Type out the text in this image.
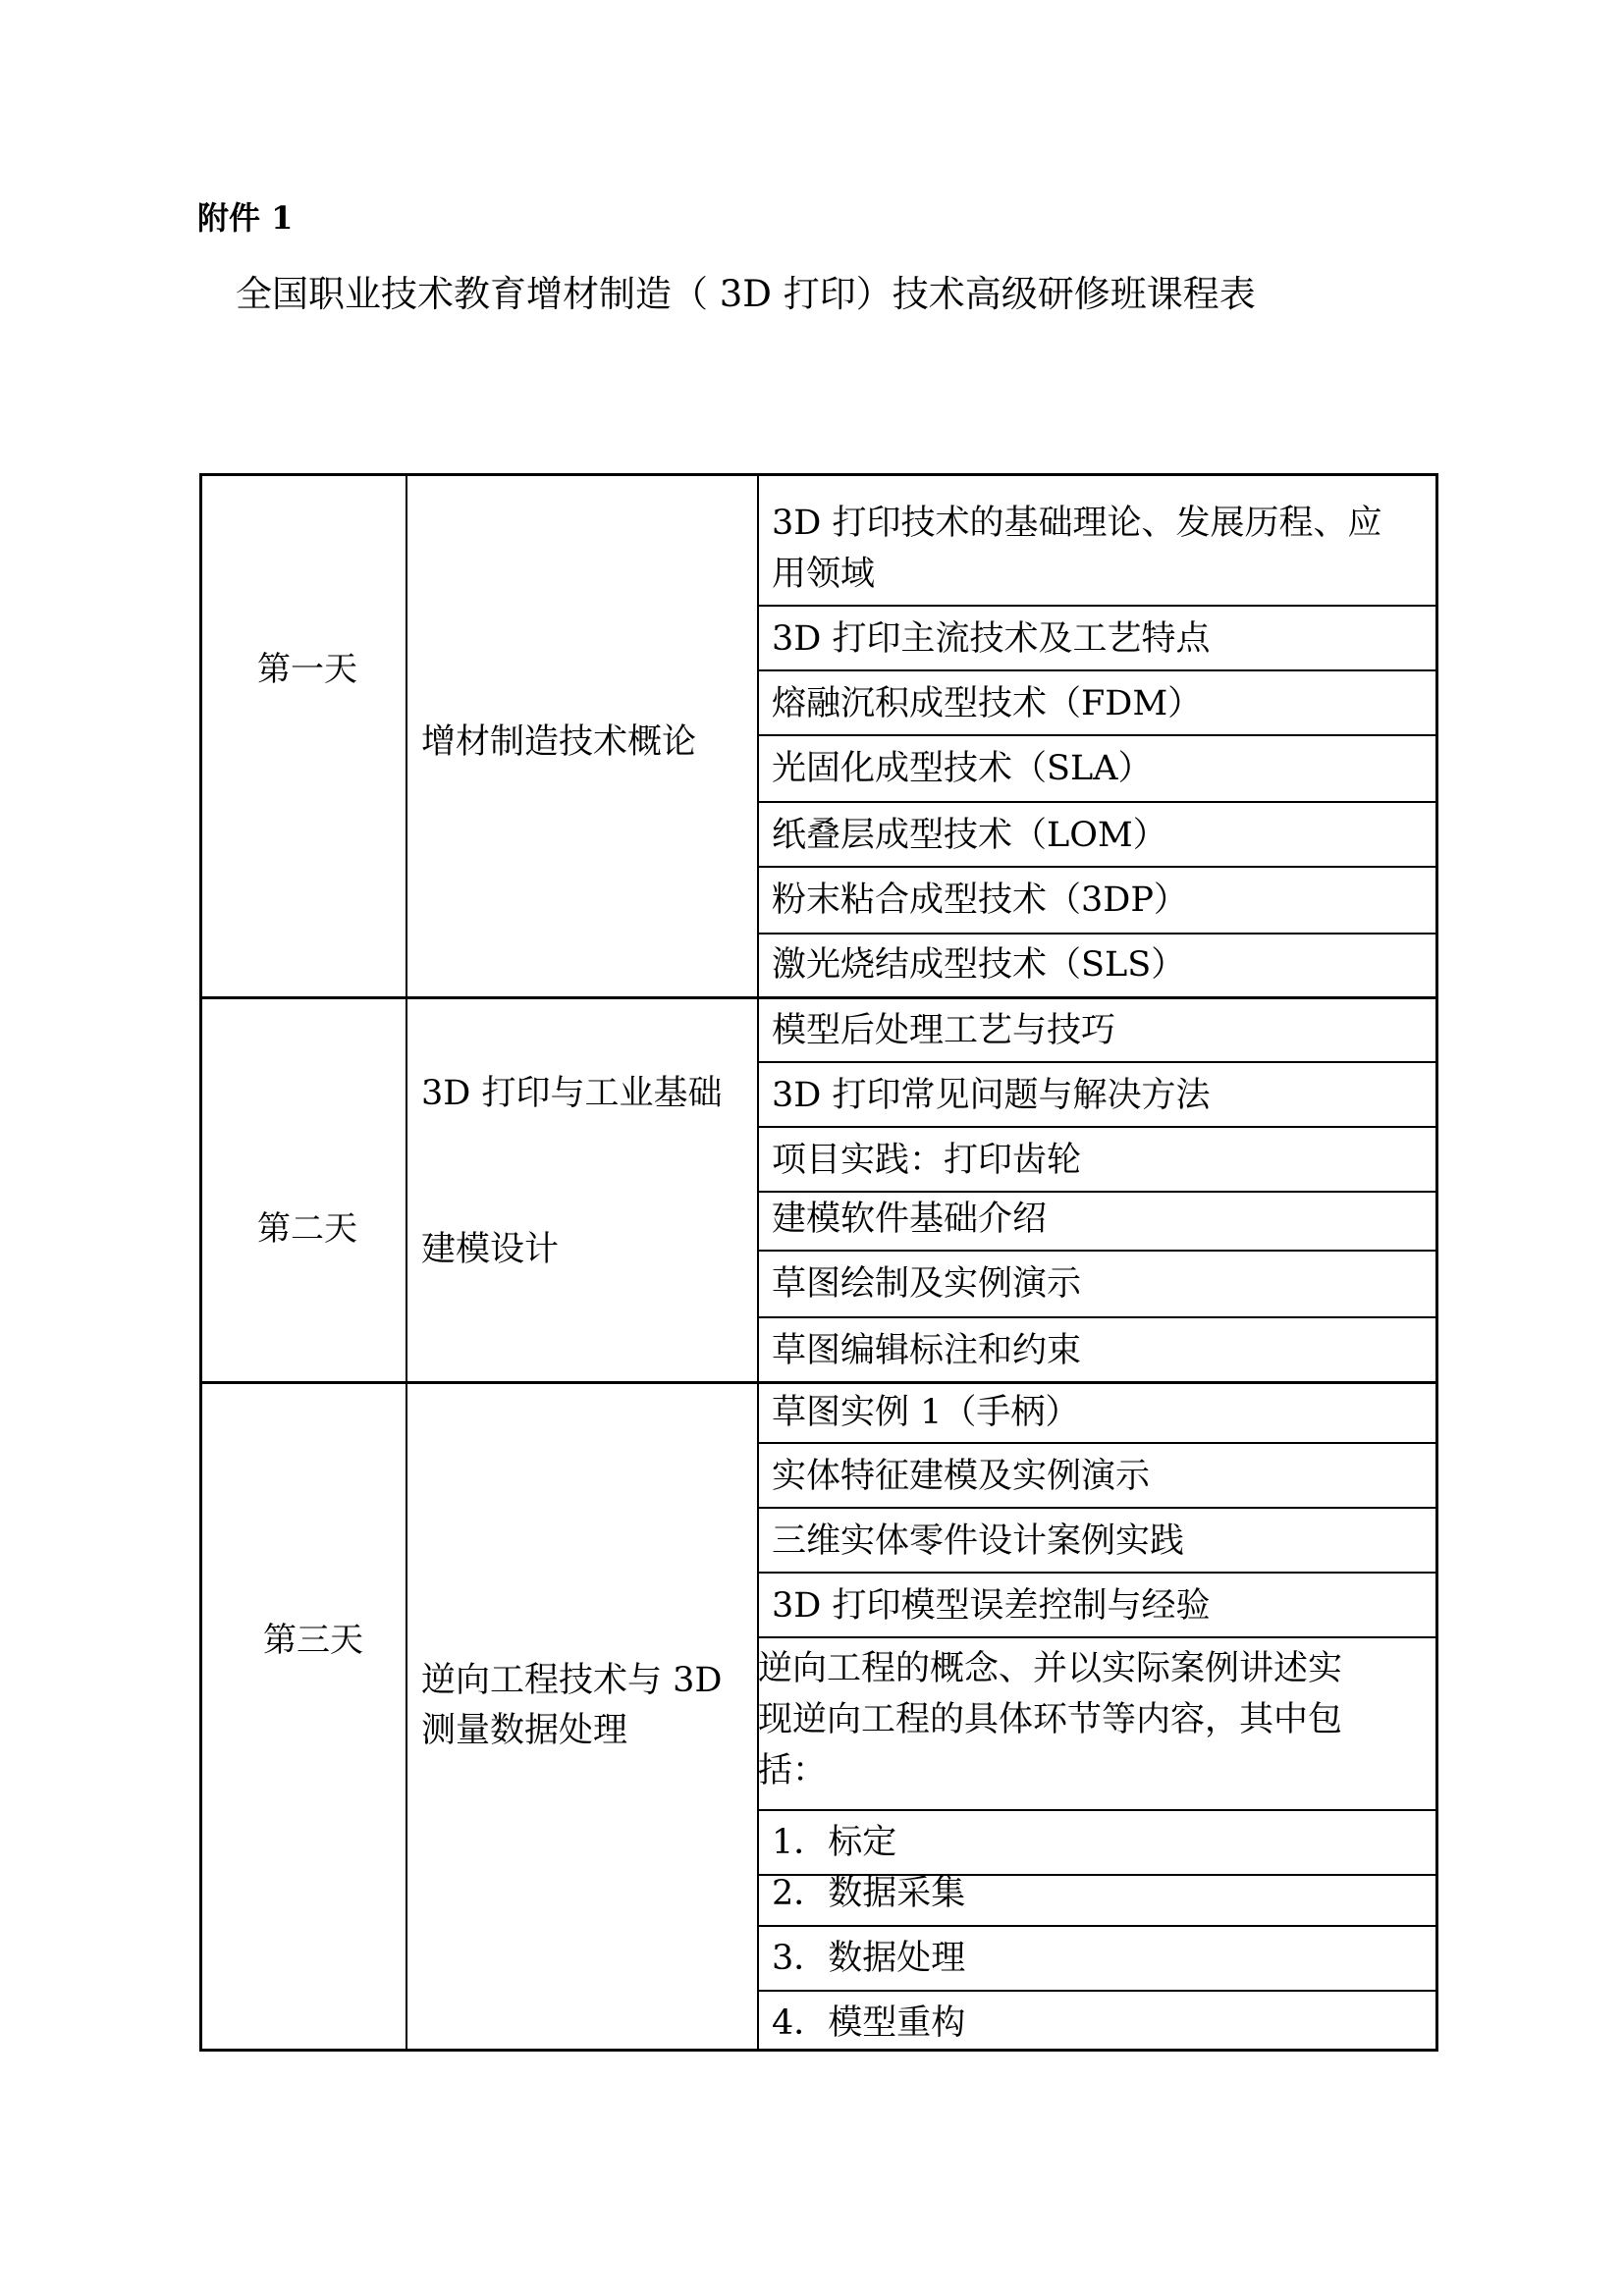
附件 1
全国职业技术教育增材制造（ 3D 打印）技术高级研修班课程表
第一天
第二天
第三天
增材制造技术概论
3D 打印与工业基础
建模设计
逆向工程技术与 3D
测量数据处理
3D 打印技术的基础理论、发展历程、应
用领域
3D 打印主流技术及工艺特点
熔融沉积成型技术（FDM）
光固化成型技术（SLA）
纸叠层成型技术（LOM）
粉末粘合成型技术（3DP）
激光烧结成型技术（SLS）
模型后处理工艺与技巧
3D 打印常见问题与解决方法
项目实践：打印齿轮
建模软件基础介绍
草图绘制及实例演示
草图编辑标注和约束
草图实例 1（手柄）
实体特征建模及实例演示
三维实体零件设计案例实践
3D 打印模型误差控制与经验
逆向工程的概念、并以实际案例讲述实
现逆向工程的具体环节等内容，其中包
括：
1．标定
2．数据采集
3．数据处理
4．模型重构
